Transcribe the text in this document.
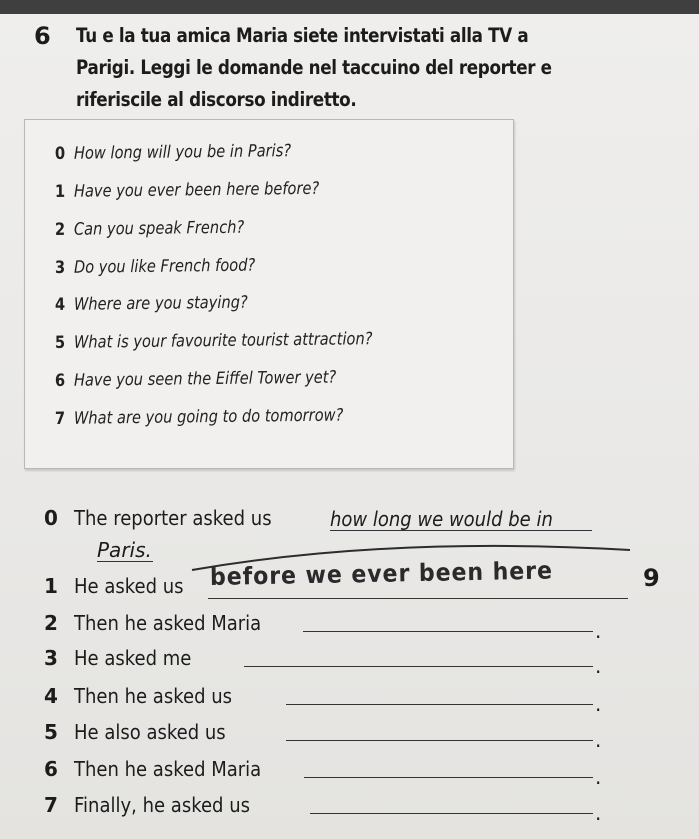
6 Tu e la tua amica Maria siete intervistati alla TV a
Parigi. Leggi le domande nel taccuino del reporter e
riferiscile al discorso indiretto.
0 How long will you be in Paris?
1 Have you ever been here before?
2 Can you speak French?
3 Do you like French food?
4 Where are you staying?
5 What is your favourite tourist attraction?
6 Have you seen the Eiffel Tower yet?
7 What are you going to do tomorrow?
0 The reporter asked us	how long we would be in
Paris.
1 He asked us	before we ever been here	9
2 Then he asked Maria	.
3 He asked me	.
4 Then he asked us	.
5 He also asked us	.
6 Then he asked Maria	.
7 Finally, he asked us	.
